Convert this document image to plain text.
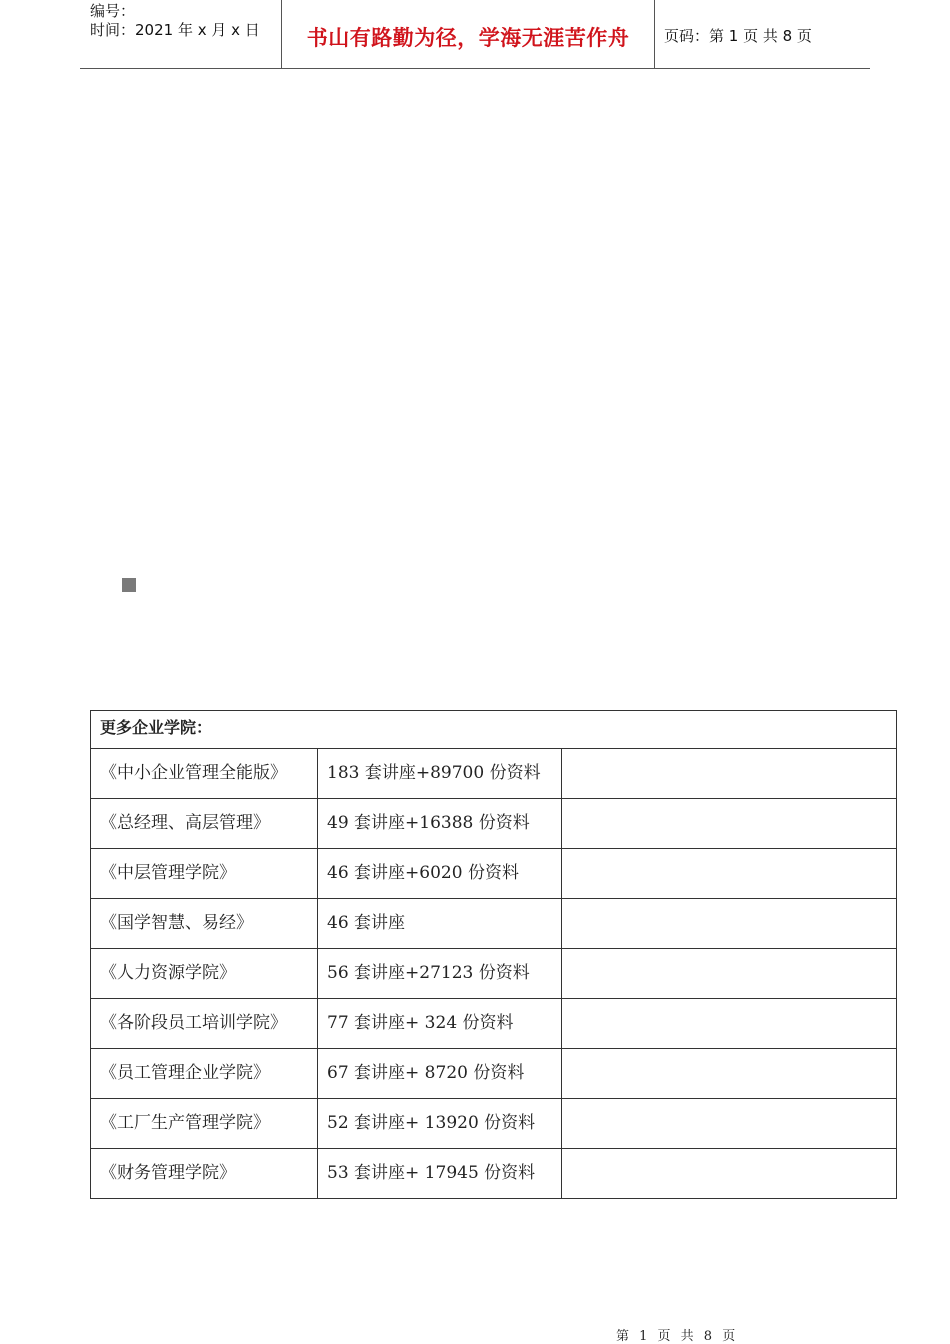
编号：
时间：2021 年 x 月 x 日	书山有路勤为径，学海无涯苦作舟	页码：第 1 页 共 8 页
更多企业学院：		
《中小企业管理全能版》	183 套讲座+89700 份资料	
《总经理、高层管理》	49 套讲座+16388 份资料	
《中层管理学院》	46 套讲座+6020 份资料	
《国学智慧、易经》	46 套讲座	
《人力资源学院》	56 套讲座+27123 份资料	
《各阶段员工培训学院》	77 套讲座+ 324 份资料	
《员工管理企业学院》	67 套讲座+ 8720 份资料	
《工厂生产管理学院》	52 套讲座+ 13920 份资料	
《财务管理学院》	53 套讲座+ 17945 份资料	
第 1 页 共 8 页
